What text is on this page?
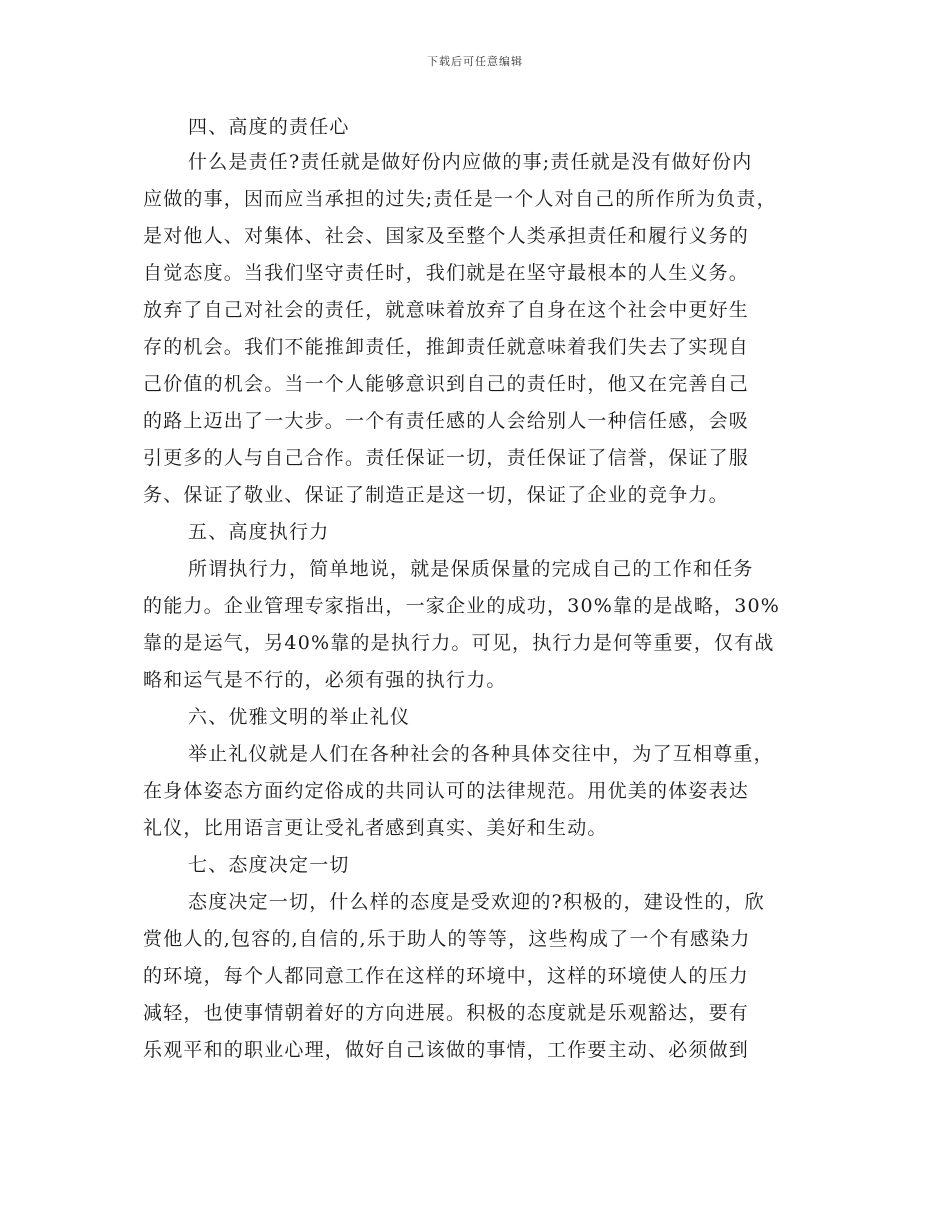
下载后可任意编辑
四、高度的责任心
什么是责任?责任就是做好份内应做的事;责任就是没有做好份内
应做的事，因而应当承担的过失;责任是一个人对自己的所作所为负责，
是对他人、对集体、社会、国家及至整个人类承担责任和履行义务的
自觉态度。当我们坚守责任时，我们就是在坚守最根本的人生义务。
放弃了自己对社会的责任，就意味着放弃了自身在这个社会中更好生
存的机会。我们不能推卸责任，推卸责任就意味着我们失去了实现自
己价值的机会。当一个人能够意识到自己的责任时，他又在完善自己
的路上迈出了一大步。一个有责任感的人会给别人一种信任感，会吸
引更多的人与自己合作。责任保证一切，责任保证了信誉，保证了服
务、保证了敬业、保证了制造正是这一切，保证了企业的竞争力。
五、高度执行力
所谓执行力，简单地说，就是保质保量的完成自己的工作和任务
的能力。企业管理专家指出，一家企业的成功，30%靠的是战略，30%
靠的是运气，另40%靠的是执行力。可见，执行力是何等重要，仅有战
略和运气是不行的，必须有强的执行力。
六、优雅文明的举止礼仪
举止礼仪就是人们在各种社会的各种具体交往中，为了互相尊重，
在身体姿态方面约定俗成的共同认可的法律规范。用优美的体姿表达
礼仪，比用语言更让受礼者感到真实、美好和生动。
七、态度决定一切
态度决定一切，什么样的态度是受欢迎的?积极的，建设性的，欣
赏他人的,包容的,自信的,乐于助人的等等，这些构成了一个有感染力
的环境，每个人都同意工作在这样的环境中，这样的环境使人的压力
减轻，也使事情朝着好的方向进展。积极的态度就是乐观豁达，要有
乐观平和的职业心理，做好自己该做的事情，工作要主动、必须做到
